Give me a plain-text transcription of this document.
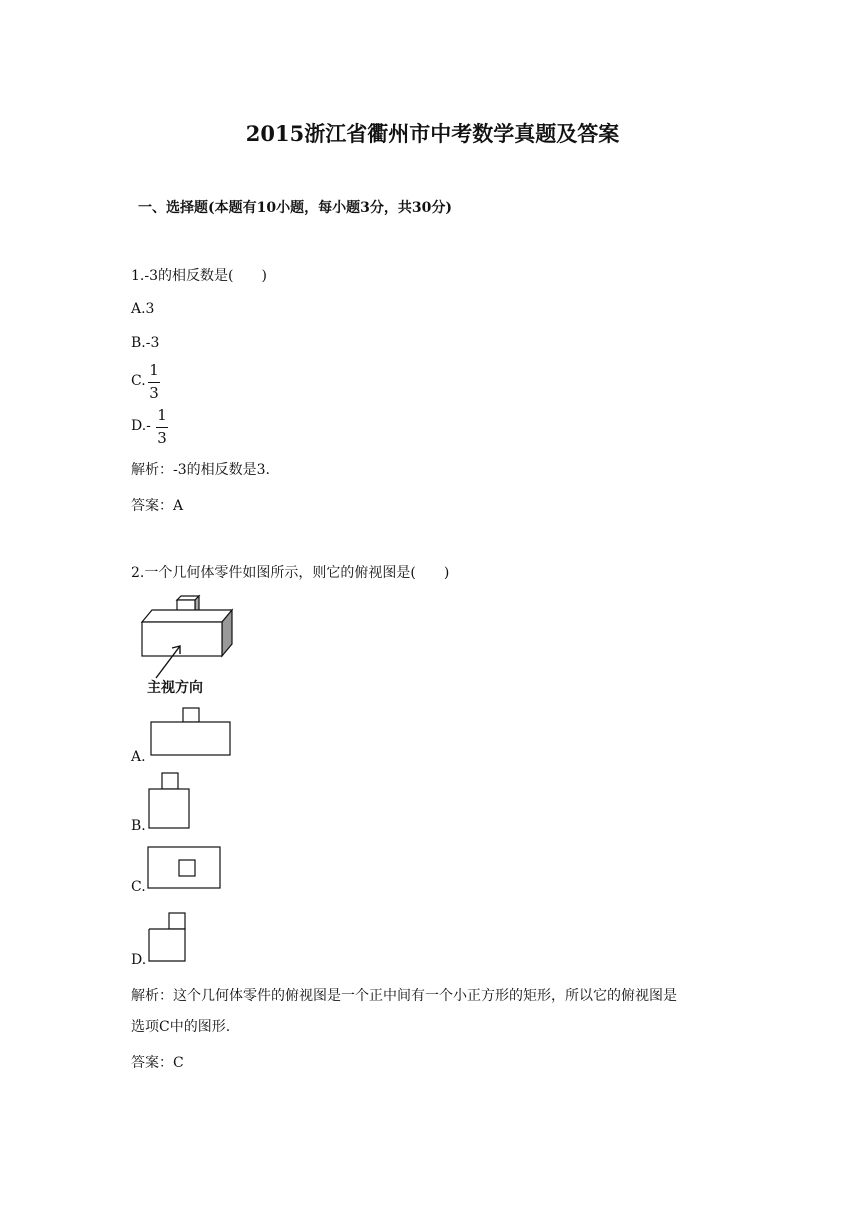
2015浙江省衢州市中考数学真题及答案
一、选择题(本题有10小题，每小题3分，共30分)
1.-3的相反数是(　　)
A.3
B.-3
C.
1
3
D.-
1
3
解析：-3的相反数是3.
答案：A
2.一个几何体零件如图所示，则它的俯视图是(　　)
主视方向
A.
B.
C.
D.
解析：这个几何体零件的俯视图是一个正中间有一个小正方形的矩形，所以它的俯视图是
选项C中的图形.
答案：C
